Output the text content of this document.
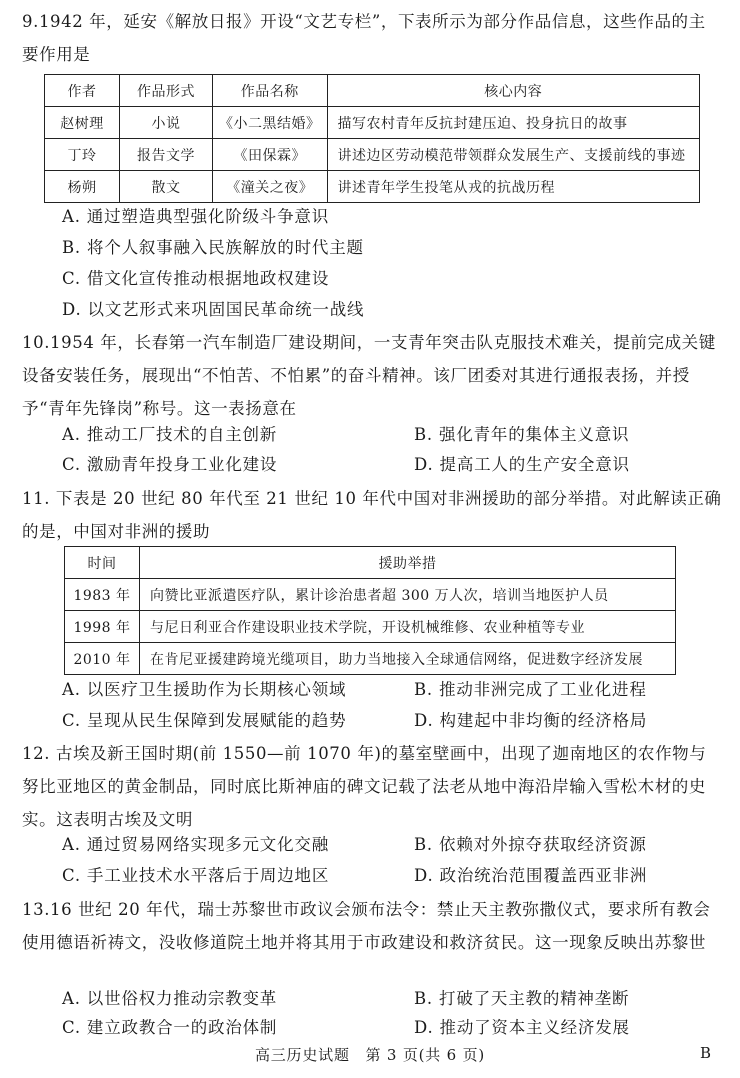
9.1942 年，延安《解放日报》开设“文艺专栏”，下表所示为部分作品信息，这些作品的主要作用是
作者	作品形式	作品名称	核心内容
赵树理	小说	《小二黑结婚》	描写农村青年反抗封建压迫、投身抗日的故事
丁玲	报告文学	《田保霖》	讲述边区劳动模范带领群众发展生产、支援前线的事迹
杨朔	散文	《潼关之夜》	讲述青年学生投笔从戎的抗战历程
A. 通过塑造典型强化阶级斗争意识
B. 将个人叙事融入民族解放的时代主题
C. 借文化宣传推动根据地政权建设
D. 以文艺形式来巩固国民革命统一战线
10.1954 年，长春第一汽车制造厂建设期间，一支青年突击队克服技术难关，提前完成关键设备安装任务，展现出“不怕苦、不怕累”的奋斗精神。该厂团委对其进行通报表扬，并授予“青年先锋岗”称号。这一表扬意在
A. 推动工厂技术的自主创新	B. 强化青年的集体主义意识
C. 激励青年投身工业化建设	D. 提高工人的生产安全意识
11. 下表是 20 世纪 80 年代至 21 世纪 10 年代中国对非洲援助的部分举措。对此解读正确的是，中国对非洲的援助
时间	援助举措
1983 年	向赞比亚派遣医疗队，累计诊治患者超 300 万人次，培训当地医护人员
1998 年	与尼日利亚合作建设职业技术学院，开设机械维修、农业种植等专业
2010 年	在肯尼亚援建跨境光缆项目，助力当地接入全球通信网络，促进数字经济发展
A. 以医疗卫生援助作为长期核心领域	B. 推动非洲完成了工业化进程
C. 呈现从民生保障到发展赋能的趋势	D. 构建起中非均衡的经济格局
12. 古埃及新王国时期(前 1550—前 1070 年)的墓室壁画中，出现了迦南地区的农作物与努比亚地区的黄金制品，同时底比斯神庙的碑文记载了法老从地中海沿岸输入雪松木材的史实。这表明古埃及文明
A. 通过贸易网络实现多元文化交融	B. 依赖对外掠夺获取经济资源
C. 手工业技术水平落后于周边地区	D. 政治统治范围覆盖西亚非洲
13.16 世纪 20 年代，瑞士苏黎世市政议会颁布法令：禁止天主教弥撒仪式，要求所有教会使用德语祈祷文，没收修道院土地并将其用于市政建设和救济贫民。这一现象反映出苏黎世
A. 以世俗权力推动宗教变革	B. 打破了天主教的精神垄断
C. 建立政教合一的政治体制	D. 推动了资本主义经济发展
高三历史试题　第 3 页(共 6 页)	B
